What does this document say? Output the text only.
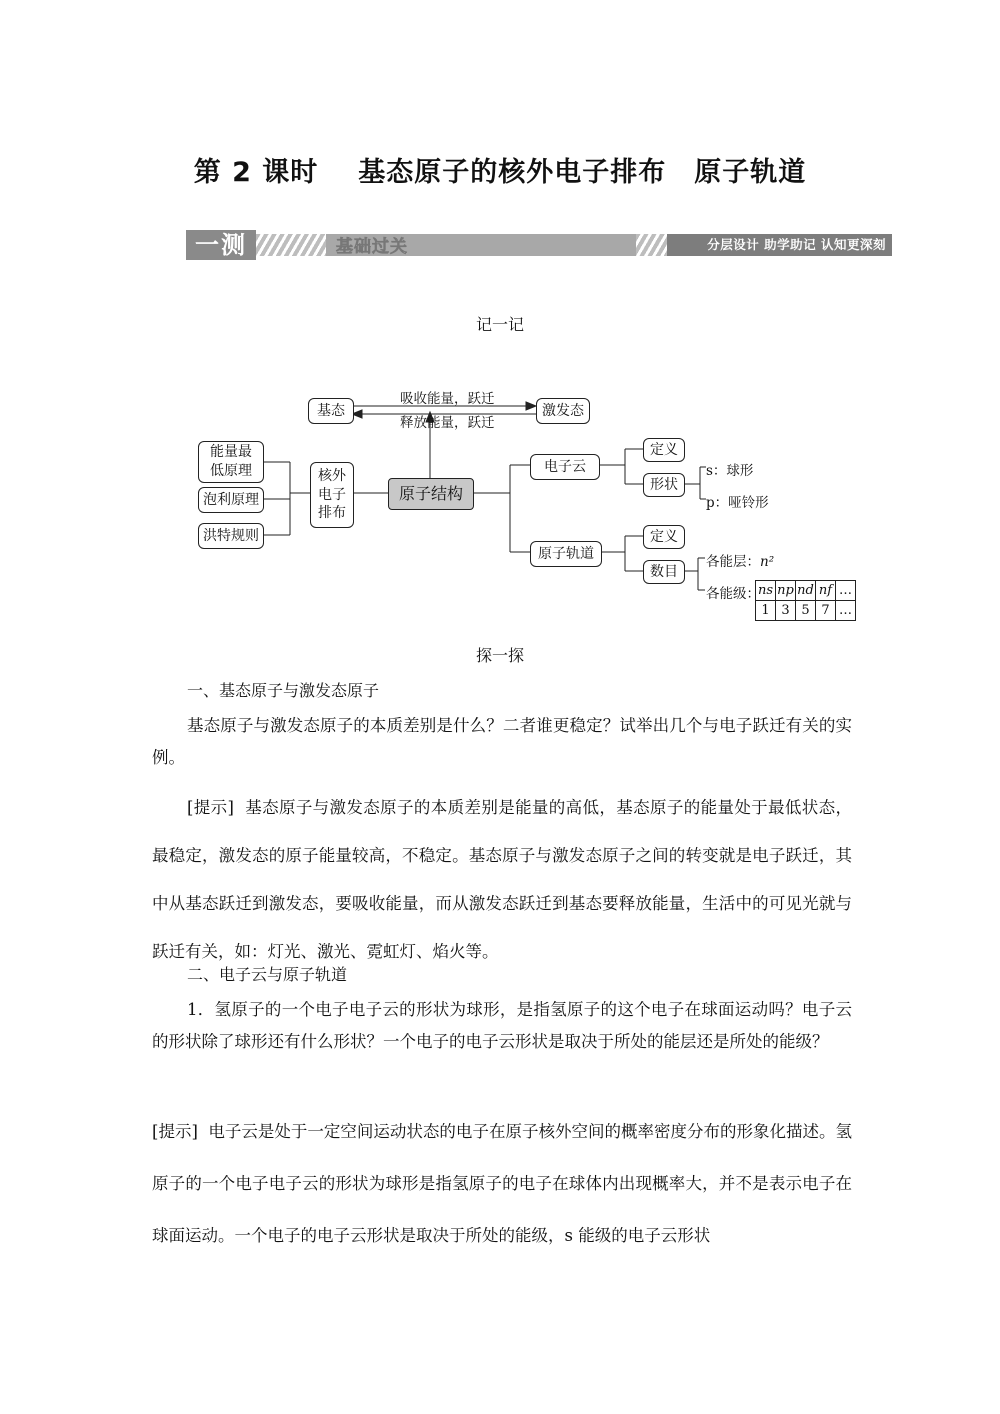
第 2 课时 基态原子的核外电子排布　原子轨道
一测	基础过关	分层设计 助学助记 认知更深刻
记一记
能量最低原理
泡利原理
洪特规则
核外电子排布
原子结构
基态	激发态
吸收能量，跃迁
释放能量，跃迁
电子云
定义
形状
s：球形
p：哑铃形
原子轨道
定义
数目
各能层：n²
各能级：
ns	np	nd	nf	…
1	3	5	7	…
探一探
一、基态原子与激发态原子

基态原子与激发态原子的本质差别是什么？二者谁更稳定？试举出几个与电子跃迁有关的实例。

[提示] 基态原子与激发态原子的本质差别是能量的高低，基态原子的能量处于最低状态，最稳定，激发态的原子能量较高，不稳定。基态原子与激发态原子之间的转变就是电子跃迁，其中从基态跃迁到激发态，要吸收能量，而从激发态跃迁到基态要释放能量，生活中的可见光就与跃迁有关，如：灯光、激光、霓虹灯、焰火等。

二、电子云与原子轨道

1．氢原子的一个电子电子云的形状为球形，是指氢原子的这个电子在球面运动吗？电子云的形状除了球形还有什么形状？一个电子的电子云形状是取决于所处的能层还是所处的能级？

[提示] 电子云是处于一定空间运动状态的电子在原子核外空间的概率密度分布的形象化描述。氢原子的一个电子电子云的形状为球形是指氢原子的电子在球体内出现概率大，并不是表示电子在球面运动。一个电子的电子云形状是取决于所处的能级，s 能级的电子云形状
